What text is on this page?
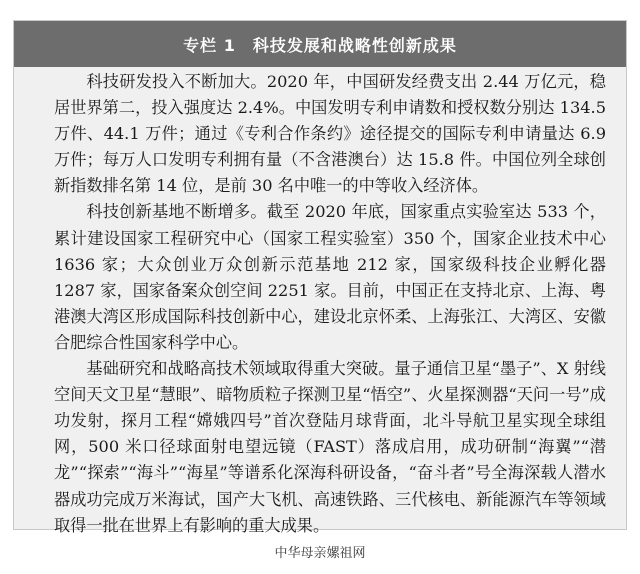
专栏 1　科技发展和战略性创新成果

科技研发投入不断加大。2020 年，中国研发经费支出 2.44 万亿元，稳居世界第二，投入强度达 2.4%。中国发明专利申请数和授权数分别达 134.5 万件、44.1 万件；通过《专利合作条约》途径提交的国际专利申请量达 6.9 万件；每万人口发明专利拥有量（不含港澳台）达 15.8 件。中国位列全球创新指数排名第 14 位，是前 30 名中唯一的中等收入经济体。

科技创新基地不断增多。截至 2020 年底，国家重点实验室达 533 个，累计建设国家工程研究中心（国家工程实验室）350 个，国家企业技术中心 1636 家；大众创业万众创新示范基地 212 家，国家级科技企业孵化器 1287 家，国家备案众创空间 2251 家。目前，中国正在支持北京、上海、粤港澳大湾区形成国际科技创新中心，建设北京怀柔、上海张江、大湾区、安徽合肥综合性国家科学中心。

基础研究和战略高技术领域取得重大突破。量子通信卫星“墨子”、X 射线空间天文卫星“慧眼”、暗物质粒子探测卫星“悟空”、火星探测器“天问一号”成功发射，探月工程“嫦娥四号”首次登陆月球背面，北斗导航卫星实现全球组网，500 米口径球面射电望远镜（FAST）落成启用，成功研制“海翼”“潜龙”“探索”“海斗”“海星”等谱系化深海科研设备，“奋斗者”号全海深载人潜水器成功完成万米海试，国产大飞机、高速铁路、三代核电、新能源汽车等领域取得一批在世界上有影响的重大成果。

中华母亲嫘祖网
